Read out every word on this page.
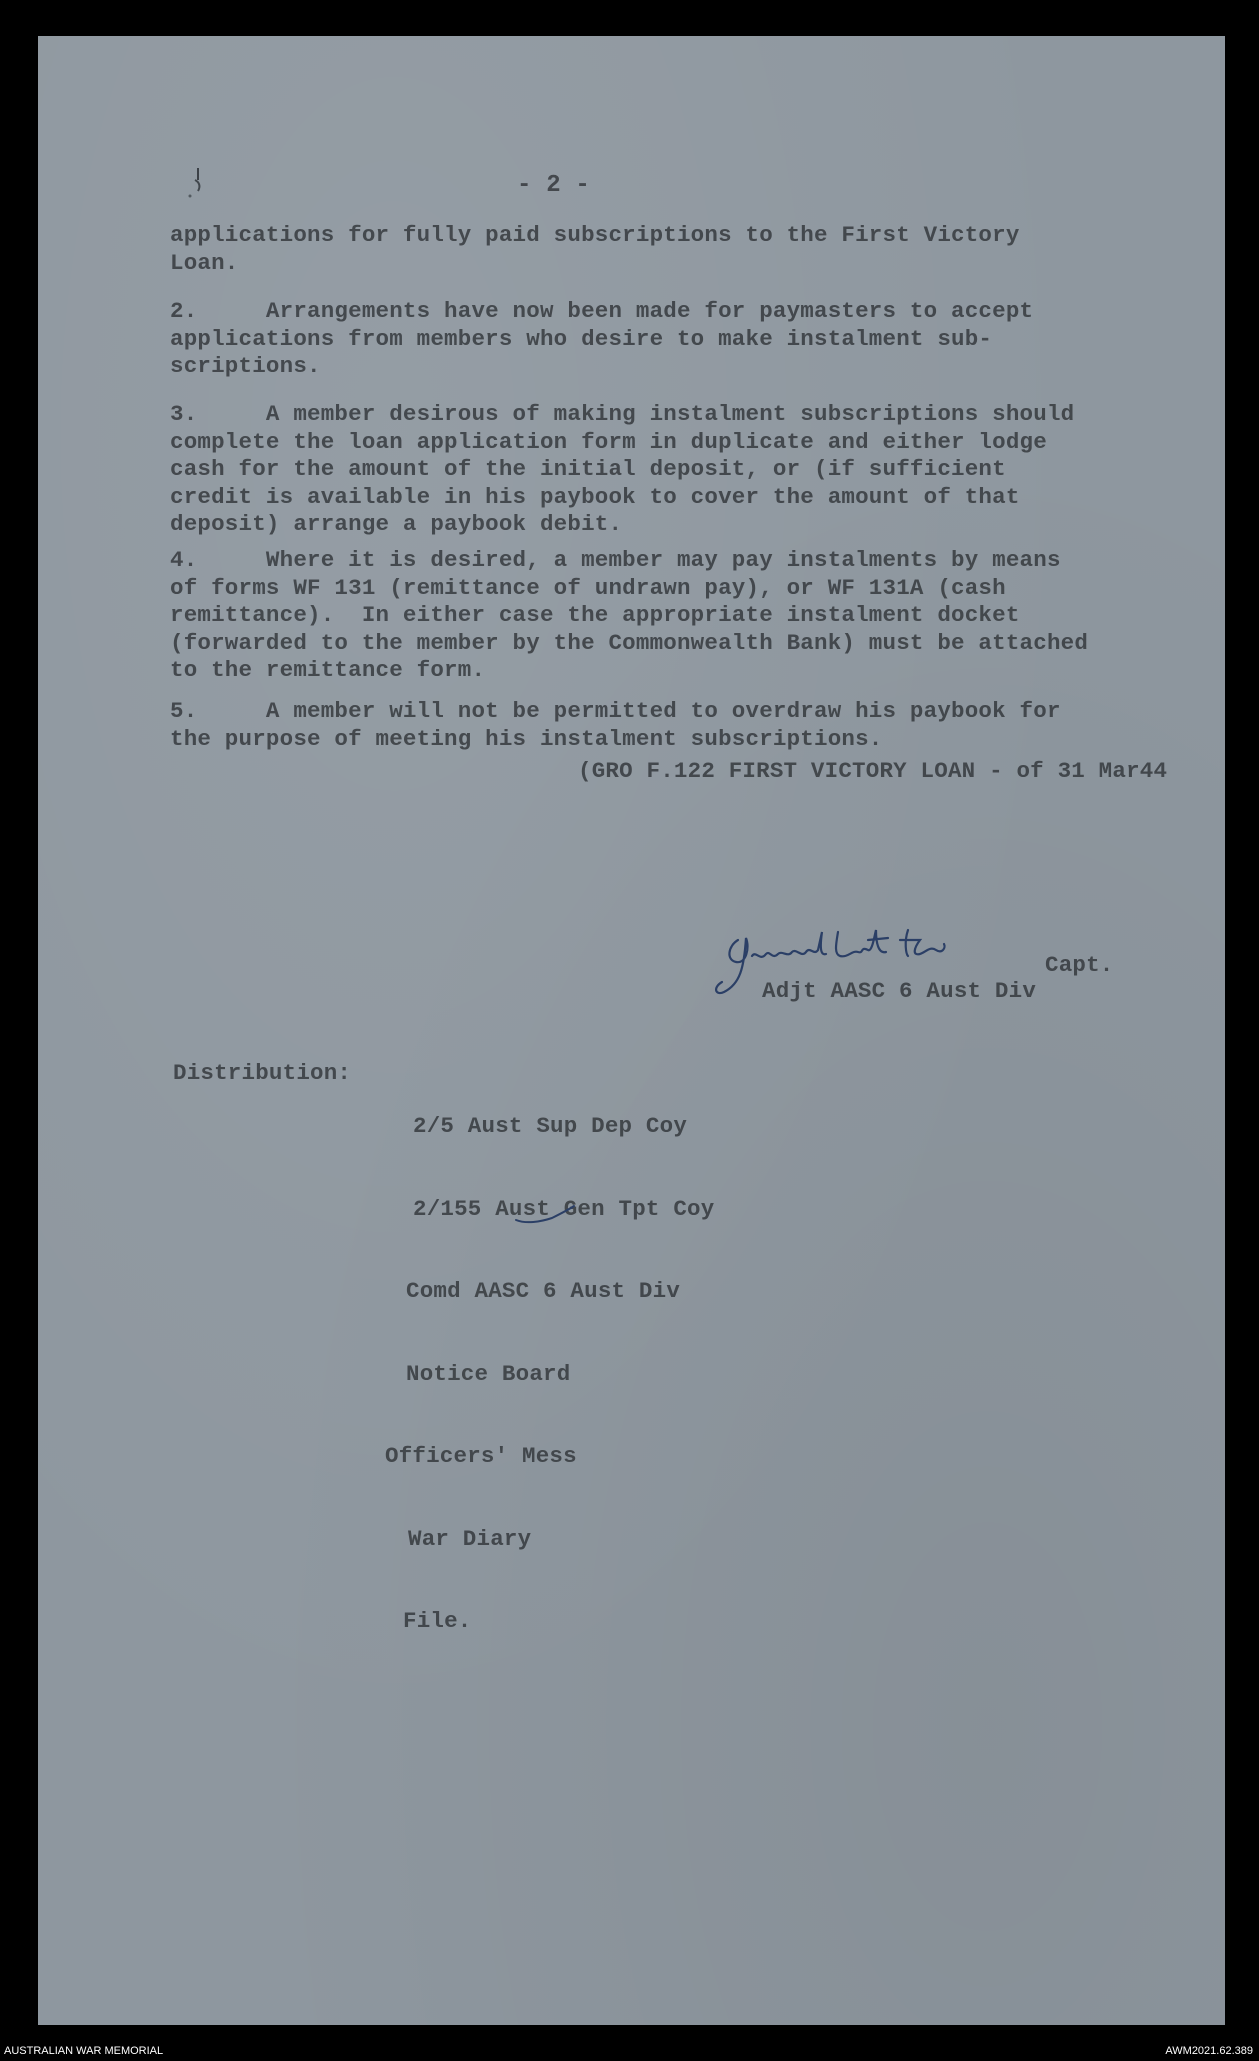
- 2 -
applications for fully paid subscriptions to the First Victory
Loan.
2.     Arrangements have now been made for paymasters to accept
applications from members who desire to make instalment sub-
scriptions.
3.     A member desirous of making instalment subscriptions should
complete the loan application form in duplicate and either lodge
cash for the amount of the initial deposit, or (if sufficient
credit is available in his paybook to cover the amount of that
deposit) arrange a paybook debit.
4.     Where it is desired, a member may pay instalments by means
of forms WF 131 (remittance of undrawn pay), or WF 131A (cash
remittance).  In either case the appropriate instalment docket
(forwarded to the member by the Commonwealth Bank) must be attached
to the remittance form.
5.     A member will not be permitted to overdraw his paybook for
the purpose of meeting his instalment subscriptions.
(GRO F.122 FIRST VICTORY LOAN - of 31 Mar44
Jwood Lieut for
Capt.
Adjt AASC 6 Aust Div
Distribution:

2/5 Aust Sup Dep Coy

2/155 Aust Gen Tpt Coy

Comd AASC 6 Aust Div

Notice Board

Officers' Mess

War Diary

File.

AUSTRALIAN WAR MEMORIAL	AWM2021.62.389
